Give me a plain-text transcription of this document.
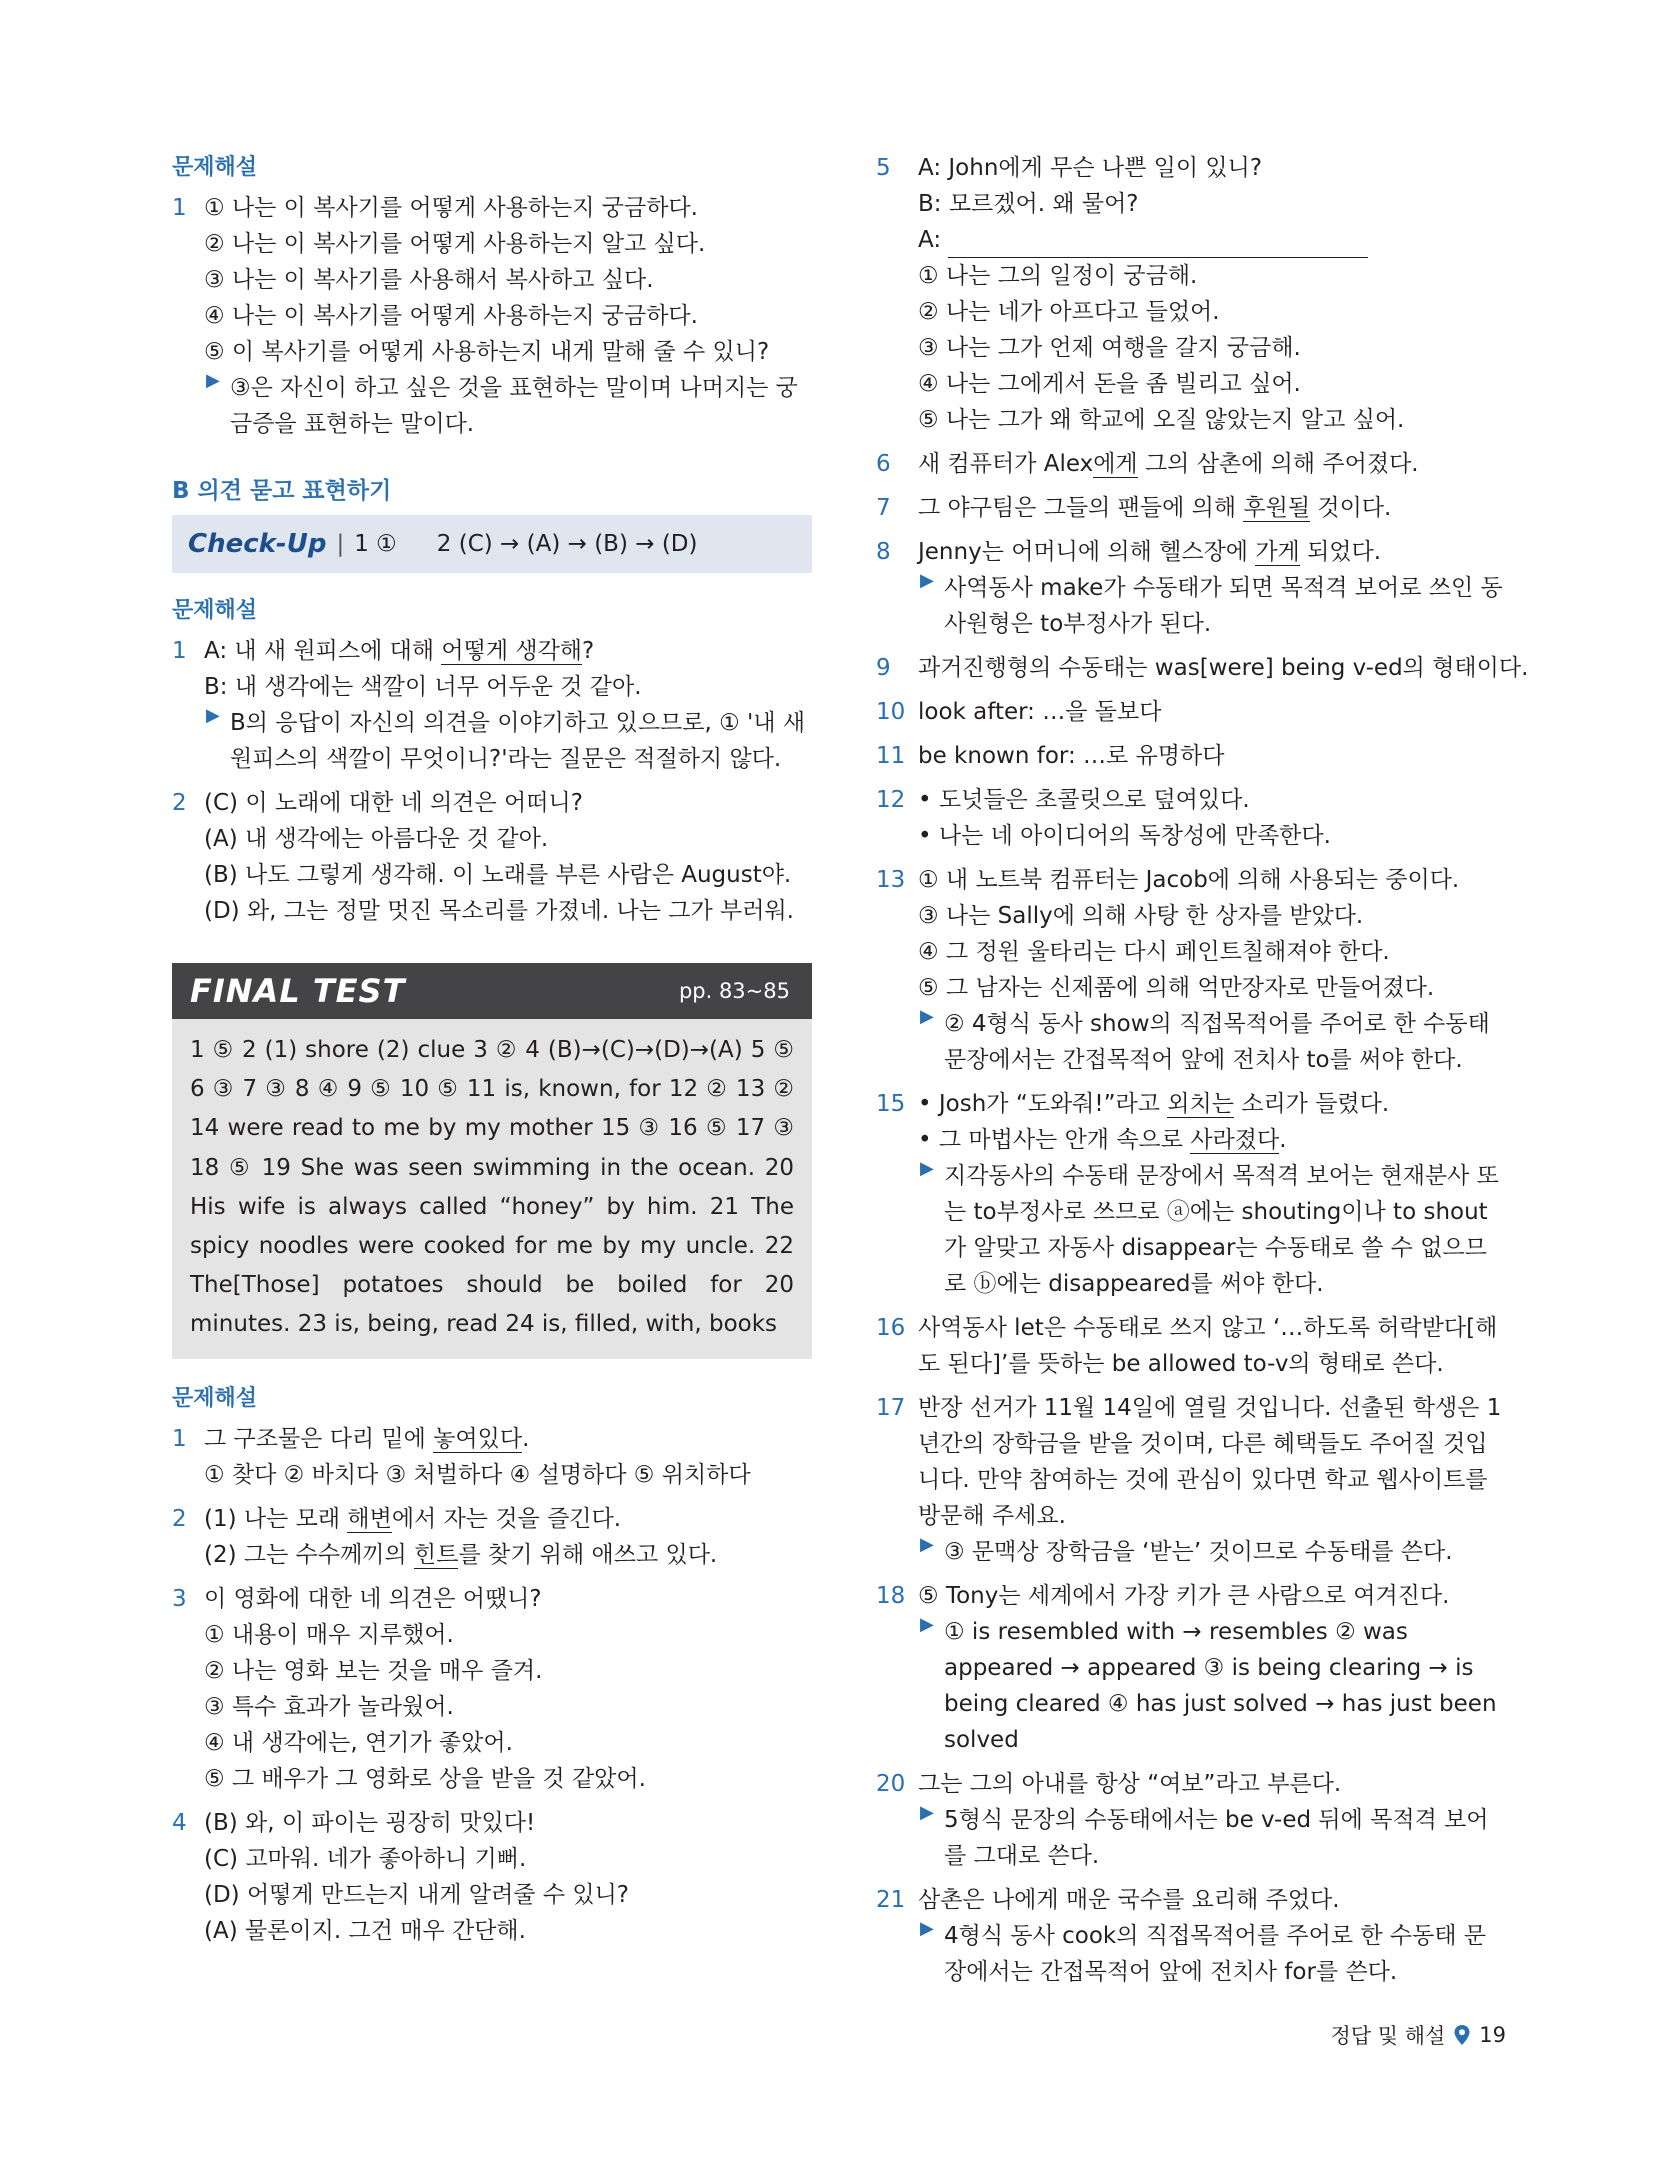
문제해설
1 ① 나는 이 복사기를 어떻게 사용하는지 궁금하다.
② 나는 이 복사기를 어떻게 사용하는지 알고 싶다.
③ 나는 이 복사기를 사용해서 복사하고 싶다.
④ 나는 이 복사기를 어떻게 사용하는지 궁금하다.
⑤ 이 복사기를 어떻게 사용하는지 내게 말해 줄 수 있니?
▶ ③은 자신이 하고 싶은 것을 표현하는 말이며 나머지는 궁금증을 표현하는 말이다.
B 의견 묻고 표현하기
Check-Up | 1 ① 2 (C) → (A) → (B) → (D)
문제해설
1 A: 내 새 원피스에 대해 어떻게 생각해?
B: 내 생각에는 색깔이 너무 어두운 것 같아.
▶ B의 응답이 자신의 의견을 이야기하고 있으므로, ① '내 새 원피스의 색깔이 무엇이니?'라는 질문은 적절하지 않다.
2 (C) 이 노래에 대한 네 의견은 어떠니?
(A) 내 생각에는 아름다운 것 같아.
(B) 나도 그렇게 생각해. 이 노래를 부른 사람은 August야.
(D) 와, 그는 정말 멋진 목소리를 가졌네. 나는 그가 부러워.
FINAL TEST	pp. 83~85
1 ⑤ 2 (1) shore (2) clue 3 ② 4 (B)→(C)→(D)→(A) 5 ⑤ 6 ③ 7 ③ 8 ④ 9 ⑤ 10 ⑤ 11 is, known, for 12 ② 13 ② 14 were read to me by my mother 15 ③ 16 ⑤ 17 ③ 18 ⑤ 19 She was seen swimming in the ocean. 20 His wife is always called “honey” by him. 21 The spicy noodles were cooked for me by my uncle. 22 The[Those] potatoes should be boiled for 20 minutes. 23 is, being, read 24 is, filled, with, books
문제해설
1 그 구조물은 다리 밑에 놓여있다.
① 찾다 ② 바치다 ③ 처벌하다 ④ 설명하다 ⑤ 위치하다
2 (1) 나는 모래 해변에서 자는 것을 즐긴다.
(2) 그는 수수께끼의 힌트를 찾기 위해 애쓰고 있다.
3 이 영화에 대한 네 의견은 어땠니?
① 내용이 매우 지루했어.
② 나는 영화 보는 것을 매우 즐겨.
③ 특수 효과가 놀라웠어.
④ 내 생각에는, 연기가 좋았어.
⑤ 그 배우가 그 영화로 상을 받을 것 같았어.
4 (B) 와, 이 파이는 굉장히 맛있다!
(C) 고마워. 네가 좋아하니 기뻐.
(D) 어떻게 만드는지 내게 알려줄 수 있니?
(A) 물론이지. 그건 매우 간단해.
5 A: John에게 무슨 나쁜 일이 있니?
B: 모르겠어. 왜 물어?
A:
① 나는 그의 일정이 궁금해.
② 나는 네가 아프다고 들었어.
③ 나는 그가 언제 여행을 갈지 궁금해.
④ 나는 그에게서 돈을 좀 빌리고 싶어.
⑤ 나는 그가 왜 학교에 오질 않았는지 알고 싶어.
6 새 컴퓨터가 Alex에게 그의 삼촌에 의해 주어졌다.
7 그 야구팀은 그들의 팬들에 의해 후원될 것이다.
8 Jenny는 어머니에 의해 헬스장에 가게 되었다.
▶ 사역동사 make가 수동태가 되면 목적격 보어로 쓰인 동사원형은 to부정사가 된다.
9 과거진행형의 수동태는 was[were] being v-ed의 형태이다.
10 look after: …을 돌보다
11 be known for: …로 유명하다
12 • 도넛들은 초콜릿으로 덮여있다.
• 나는 네 아이디어의 독창성에 만족한다.
13 ① 내 노트북 컴퓨터는 Jacob에 의해 사용되는 중이다.
③ 나는 Sally에 의해 사탕 한 상자를 받았다.
④ 그 정원 울타리는 다시 페인트칠해져야 한다.
⑤ 그 남자는 신제품에 의해 억만장자로 만들어졌다.
▶ ② 4형식 동사 show의 직접목적어를 주어로 한 수동태 문장에서는 간접목적어 앞에 전치사 to를 써야 한다.
15 • Josh가 “도와줘!”라고 외치는 소리가 들렸다.
• 그 마법사는 안개 속으로 사라졌다.
▶ 지각동사의 수동태 문장에서 목적격 보어는 현재분사 또는 to부정사로 쓰므로 ⓐ에는 shouting이나 to shout가 알맞고 자동사 disappear는 수동태로 쓸 수 없으므로 ⓑ에는 disappeared를 써야 한다.
16 사역동사 let은 수동태로 쓰지 않고 ‘…하도록 허락받다[해도 된다]’를 뜻하는 be allowed to-v의 형태로 쓴다.
17 반장 선거가 11월 14일에 열릴 것입니다. 선출된 학생은 1년간의 장학금을 받을 것이며, 다른 혜택들도 주어질 것입니다. 만약 참여하는 것에 관심이 있다면 학교 웹사이트를 방문해 주세요.
▶ ③ 문맥상 장학금을 ‘받는’ 것이므로 수동태를 쓴다.
18 ⑤ Tony는 세계에서 가장 키가 큰 사람으로 여겨진다.
▶ ① is resembled with → resembles ② was appeared → appeared ③ is being clearing → is being cleared ④ has just solved → has just been solved
20 그는 그의 아내를 항상 “여보”라고 부른다.
▶ 5형식 문장의 수동태에서는 be v-ed 뒤에 목적격 보어를 그대로 쓴다.
21 삼촌은 나에게 매운 국수를 요리해 주었다.
▶ 4형식 동사 cook의 직접목적어를 주어로 한 수동태 문장에서는 간접목적어 앞에 전치사 for를 쓴다.
정답 및 해설 19
